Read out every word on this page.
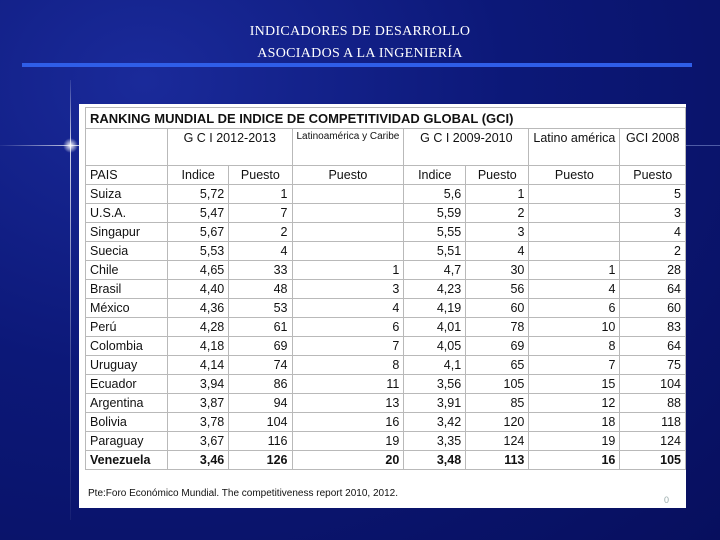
INDICADORES DE DESARROLLO
ASOCIADOS A LA INGENIERÍA
RANKING MUNDIAL DE INDICE DE COMPETITIVIDAD GLOBAL (GCI)							
	G C I 2012-2013		Latinoamérica y Caribe	G C I 2009-2010		Latino américa	GCI 2008
PAIS	Indice	Puesto	Puesto	Indice	Puesto	Puesto	Puesto
Suiza	5,72	1		5,6	1		5
U.S.A.	5,47	7		5,59	2		3
Singapur	5,67	2		5,55	3		4
Suecia	5,53	4		5,51	4		2
Chile	4,65	33	1	4,7	30	1	28
Brasil	4,40	48	3	4,23	56	4	64
México	4,36	53	4	4,19	60	6	60
Perú	4,28	61	6	4,01	78	10	83
Colombia	4,18	69	7	4,05	69	8	64
Uruguay	4,14	74	8	4,1	65	7	75
Ecuador	3,94	86	11	3,56	105	15	104
Argentina	3,87	94	13	3,91	85	12	88
Bolivia	3,78	104	16	3,42	120	18	118
Paraguay	3,67	116	19	3,35	124	19	124
Venezuela	3,46	126	20	3,48	113	16	105
Pte:Foro Económico Mundial. The competitiveness report 2010, 2012.
0
